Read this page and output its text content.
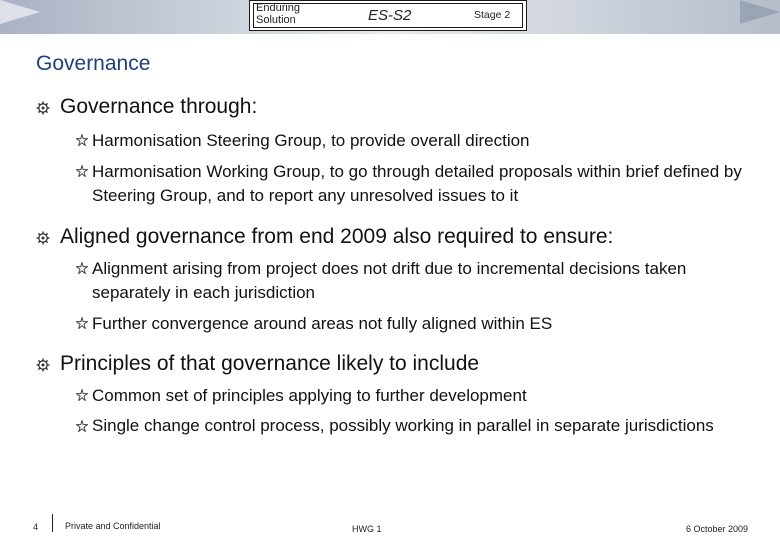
Enduring
Solution	ES-S2	Stage 2
Governance
Governance through:
Harmonisation Steering Group, to provide overall direction
Harmonisation Working Group, to go through detailed proposals within brief defined by Steering Group, and to report any unresolved issues to it
Aligned governance from end 2009 also required to ensure:
Alignment arising from project does not drift due to incremental decisions taken separately in each jurisdiction
Further convergence around areas not fully aligned within ES
Principles of that governance likely to include
Common set of principles applying to further development
Single change control process, possibly working in parallel in separate jurisdictions
4	Private and Confidential	HWG 1	6 October 2009
